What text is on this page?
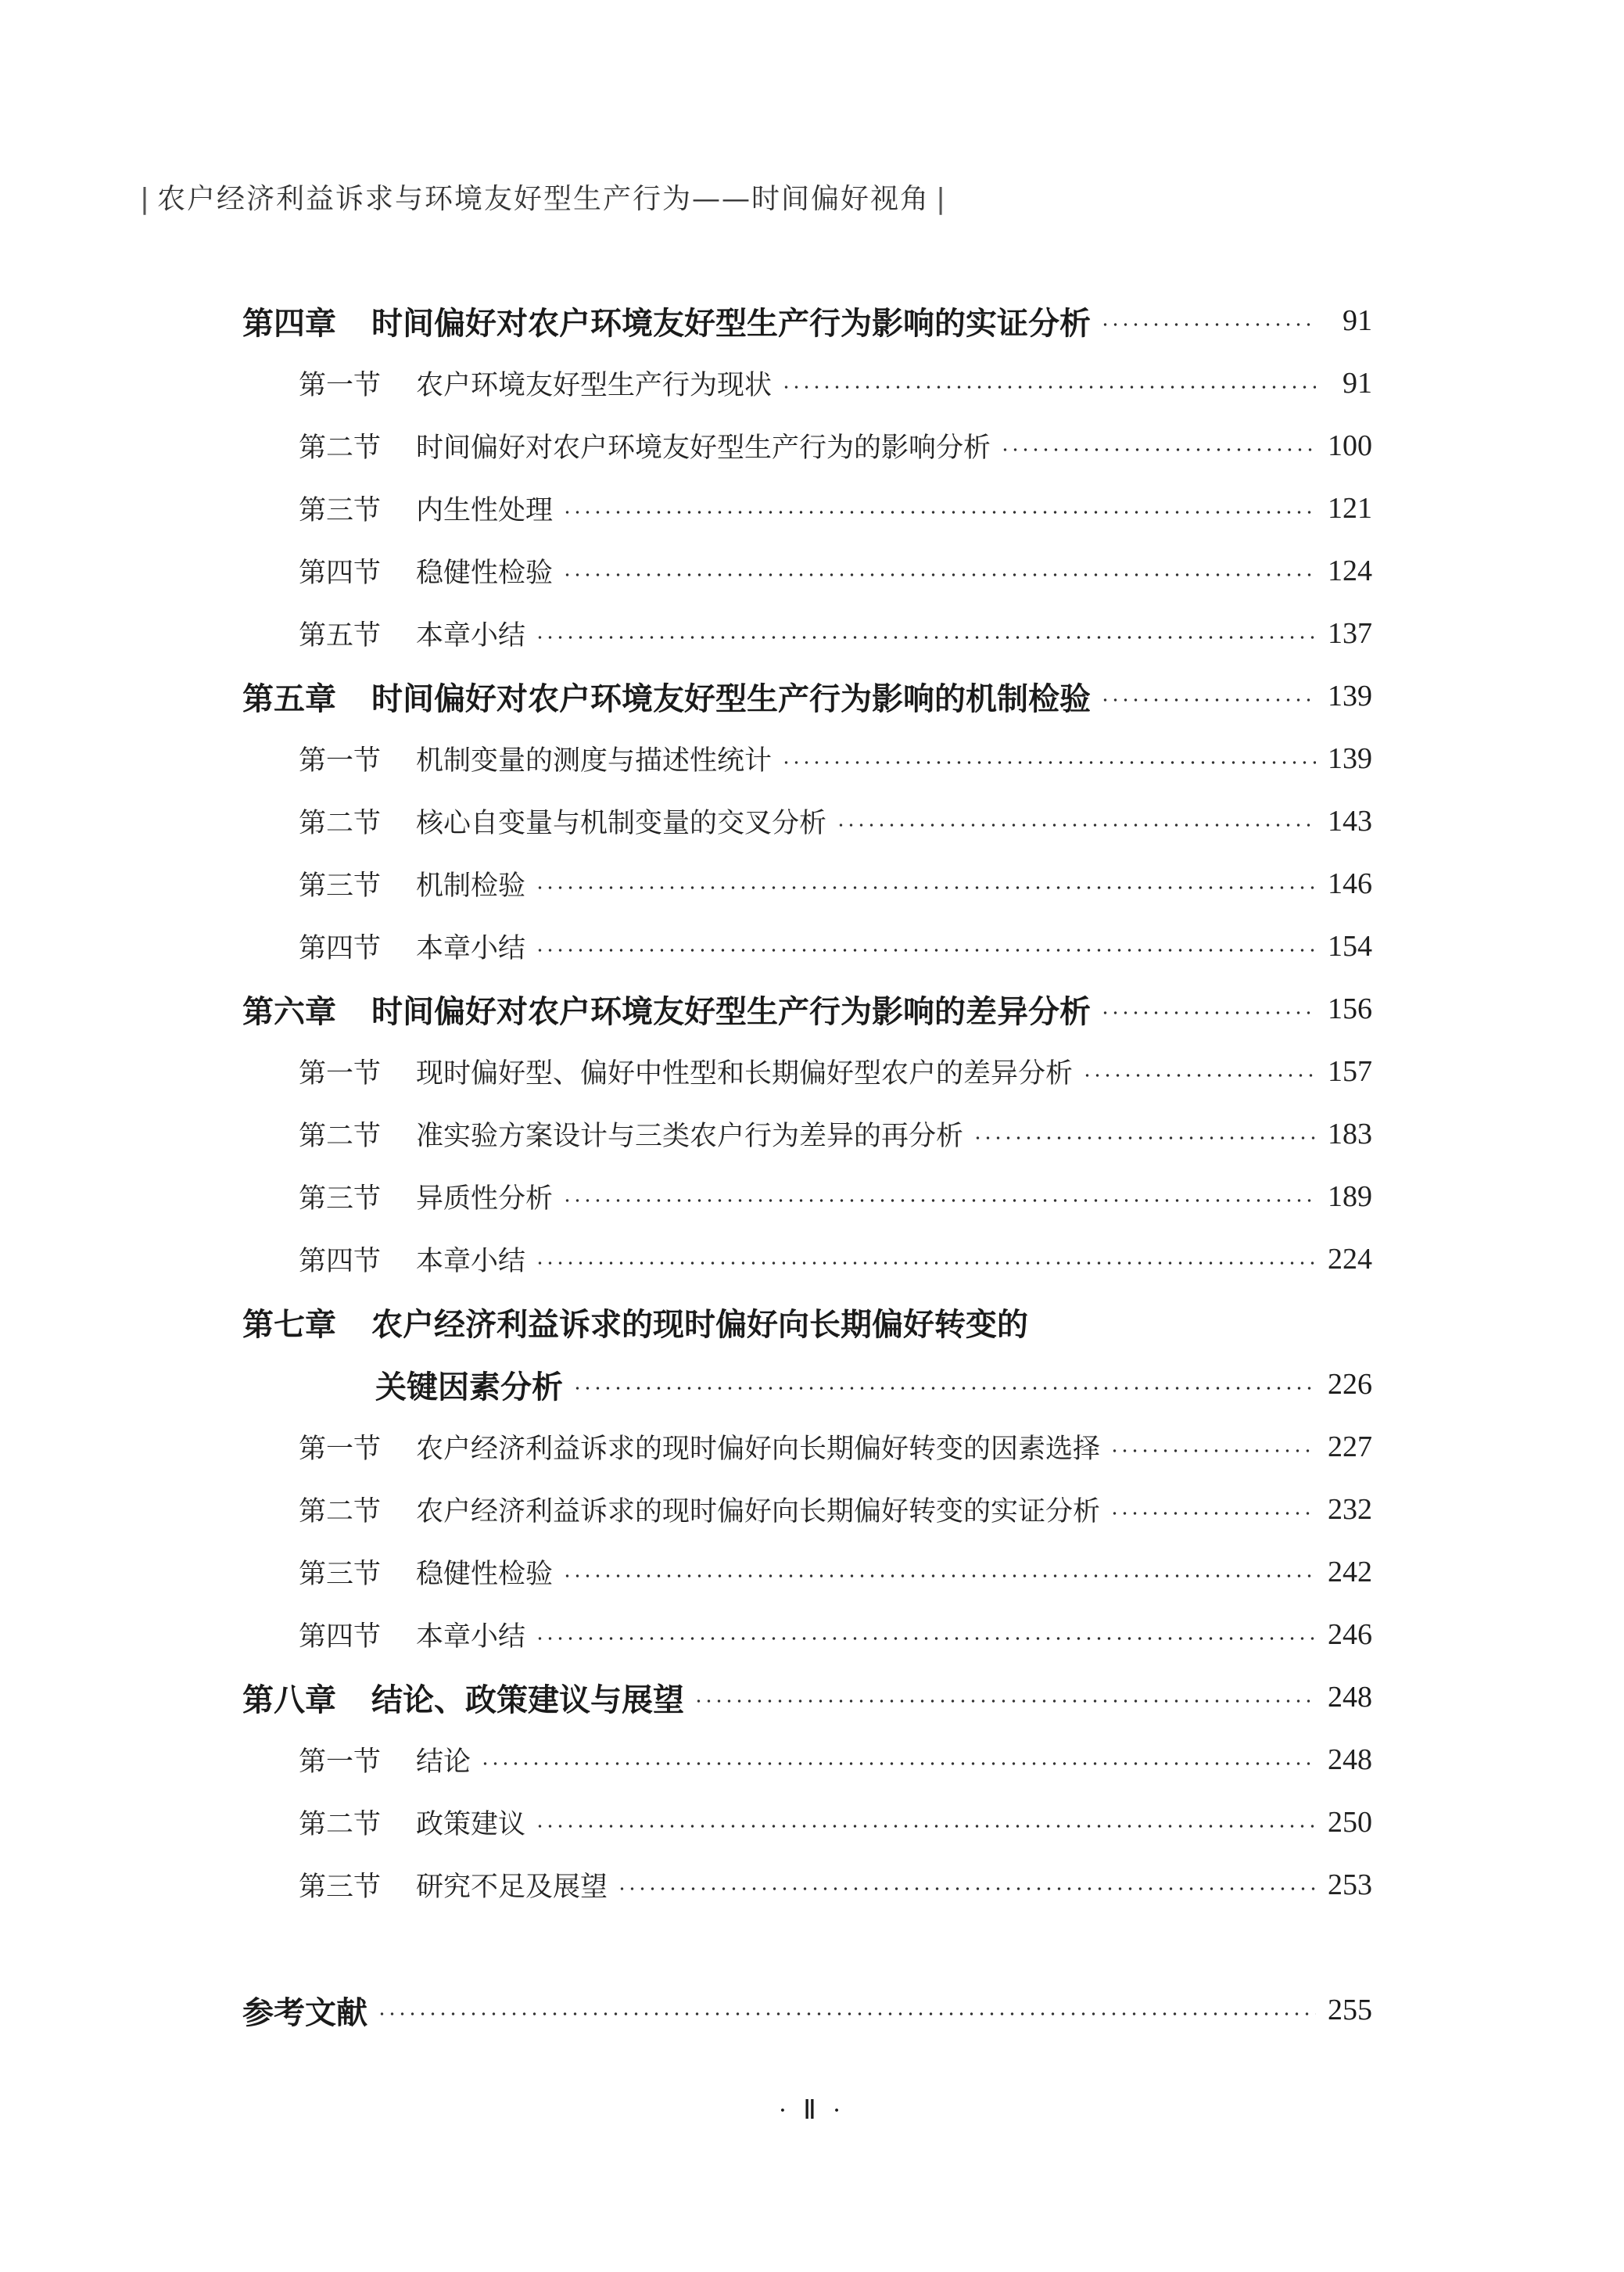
| 农户经济利益诉求与环境友好型生产行为——时间偏好视角 |
第四章	时间偏好对农户环境友好型生产行为影响的实证分析	91
第一节	农户环境友好型生产行为现状	91
第二节	时间偏好对农户环境友好型生产行为的影响分析	100
第三节	内生性处理	121
第四节	稳健性检验	124
第五节	本章小结	137
第五章	时间偏好对农户环境友好型生产行为影响的机制检验	139
第一节	机制变量的测度与描述性统计	139
第二节	核心自变量与机制变量的交叉分析	143
第三节	机制检验	146
第四节	本章小结	154
第六章	时间偏好对农户环境友好型生产行为影响的差异分析	156
第一节	现时偏好型、偏好中性型和长期偏好型农户的差异分析	157
第二节	准实验方案设计与三类农户行为差异的再分析	183
第三节	异质性分析	189
第四节	本章小结	224
第七章	农户经济利益诉求的现时偏好向长期偏好转变的
关键因素分析	226
第一节	农户经济利益诉求的现时偏好向长期偏好转变的因素选择	227
第二节	农户经济利益诉求的现时偏好向长期偏好转变的实证分析	232
第三节	稳健性检验	242
第四节	本章小结	246
第八章	结论、政策建议与展望	248
第一节	结论	248
第二节	政策建议	250
第三节	研究不足及展望	253
参考文献	255
· Ⅱ ·
